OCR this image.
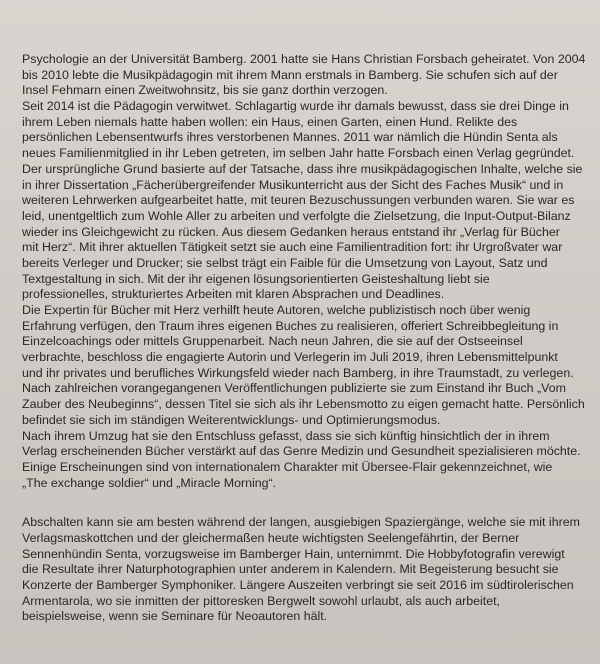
Psychologie an der Universität Bamberg. 2001 hatte sie Hans Christian Forsbach geheiratet. Von 2004
bis 2010 lebte die Musikpädagogin mit ihrem Mann erstmals in Bamberg. Sie schufen sich auf der
Insel Fehmarn einen Zweitwohnsitz, bis sie ganz dorthin verzogen.
Seit 2014 ist die Pädagogin verwitwet. Schlagartig wurde ihr damals bewusst, dass sie drei Dinge in
ihrem Leben niemals hatte haben wollen: ein Haus, einen Garten, einen Hund. Relikte des
persönlichen Lebensentwurfs ihres verstorbenen Mannes. 2011 war nämlich die Hündin Senta als
neues Familienmitglied in ihr Leben getreten, im selben Jahr hatte Forsbach einen Verlag gegründet.
Der ursprüngliche Grund basierte auf der Tatsache, dass ihre musikpädagogischen Inhalte, welche sie
in ihrer Dissertation „Fächerübergreifender Musikunterricht aus der Sicht des Faches Musik“ und in
weiteren Lehrwerken aufgearbeitet hatte, mit teuren Bezuschussungen verbunden waren. Sie war es
leid, unentgeltlich zum Wohle Aller zu arbeiten und verfolgte die Zielsetzung, die Input-Output-Bilanz
wieder ins Gleichgewicht zu rücken. Aus diesem Gedanken heraus entstand ihr „Verlag für Bücher
mit Herz“. Mit ihrer aktuellen Tätigkeit setzt sie auch eine Familientradition fort: ihr Urgroßvater war
bereits Verleger und Drucker; sie selbst trägt ein Faible für die Umsetzung von Layout, Satz und
Textgestaltung in sich. Mit der ihr eigenen lösungsorientierten Geisteshaltung liebt sie
professionelles, strukturiertes Arbeiten mit klaren Absprachen und Deadlines.
Die Expertin für Bücher mit Herz verhilft heute Autoren, welche publizistisch noch über wenig
Erfahrung verfügen, den Traum ihres eigenen Buches zu realisieren, offeriert Schreibbegleitung in
Einzelcoachings oder mittels Gruppenarbeit. Nach neun Jahren, die sie auf der Ostseeinsel
verbrachte, beschloss die engagierte Autorin und Verlegerin im Juli 2019, ihren Lebensmittelpunkt
und ihr privates und berufliches Wirkungsfeld wieder nach Bamberg, in ihre Traumstadt, zu verlegen.
Nach zahlreichen vorangegangenen Veröffentlichungen publizierte sie zum Einstand ihr Buch „Vom
Zauber des Neubeginns“, dessen Titel sie sich als ihr Lebensmotto zu eigen gemacht hatte. Persönlich
befindet sie sich im ständigen Weiterentwicklungs- und Optimierungsmodus.
Nach ihrem Umzug hat sie den Entschluss gefasst, dass sie sich künftig hinsichtlich der in ihrem
Verlag erscheinenden Bücher verstärkt auf das Genre Medizin und Gesundheit spezialisieren möchte.
Einige Erscheinungen sind von internationalem Charakter mit Übersee-Flair gekennzeichnet, wie
„The exchange soldier“ und „Miracle Morning“.
Abschalten kann sie am besten während der langen, ausgiebigen Spaziergänge, welche sie mit ihrem
Verlagsmaskottchen und der gleichermaßen heute wichtigsten Seelengefährtin, der Berner
Sennenhündin Senta, vorzugsweise im Bamberger Hain, unternimmt. Die Hobbyfotografin verewigt
die Resultate ihrer Naturphotographien unter anderem in Kalendern. Mit Begeisterung besucht sie
Konzerte der Bamberger Symphoniker. Längere Auszeiten verbringt sie seit 2016 im südtirolerischen
Armentarola, wo sie inmitten der pittoresken Bergwelt sowohl urlaubt, als auch arbeitet,
beispielsweise, wenn sie Seminare für Neoautoren hält.
